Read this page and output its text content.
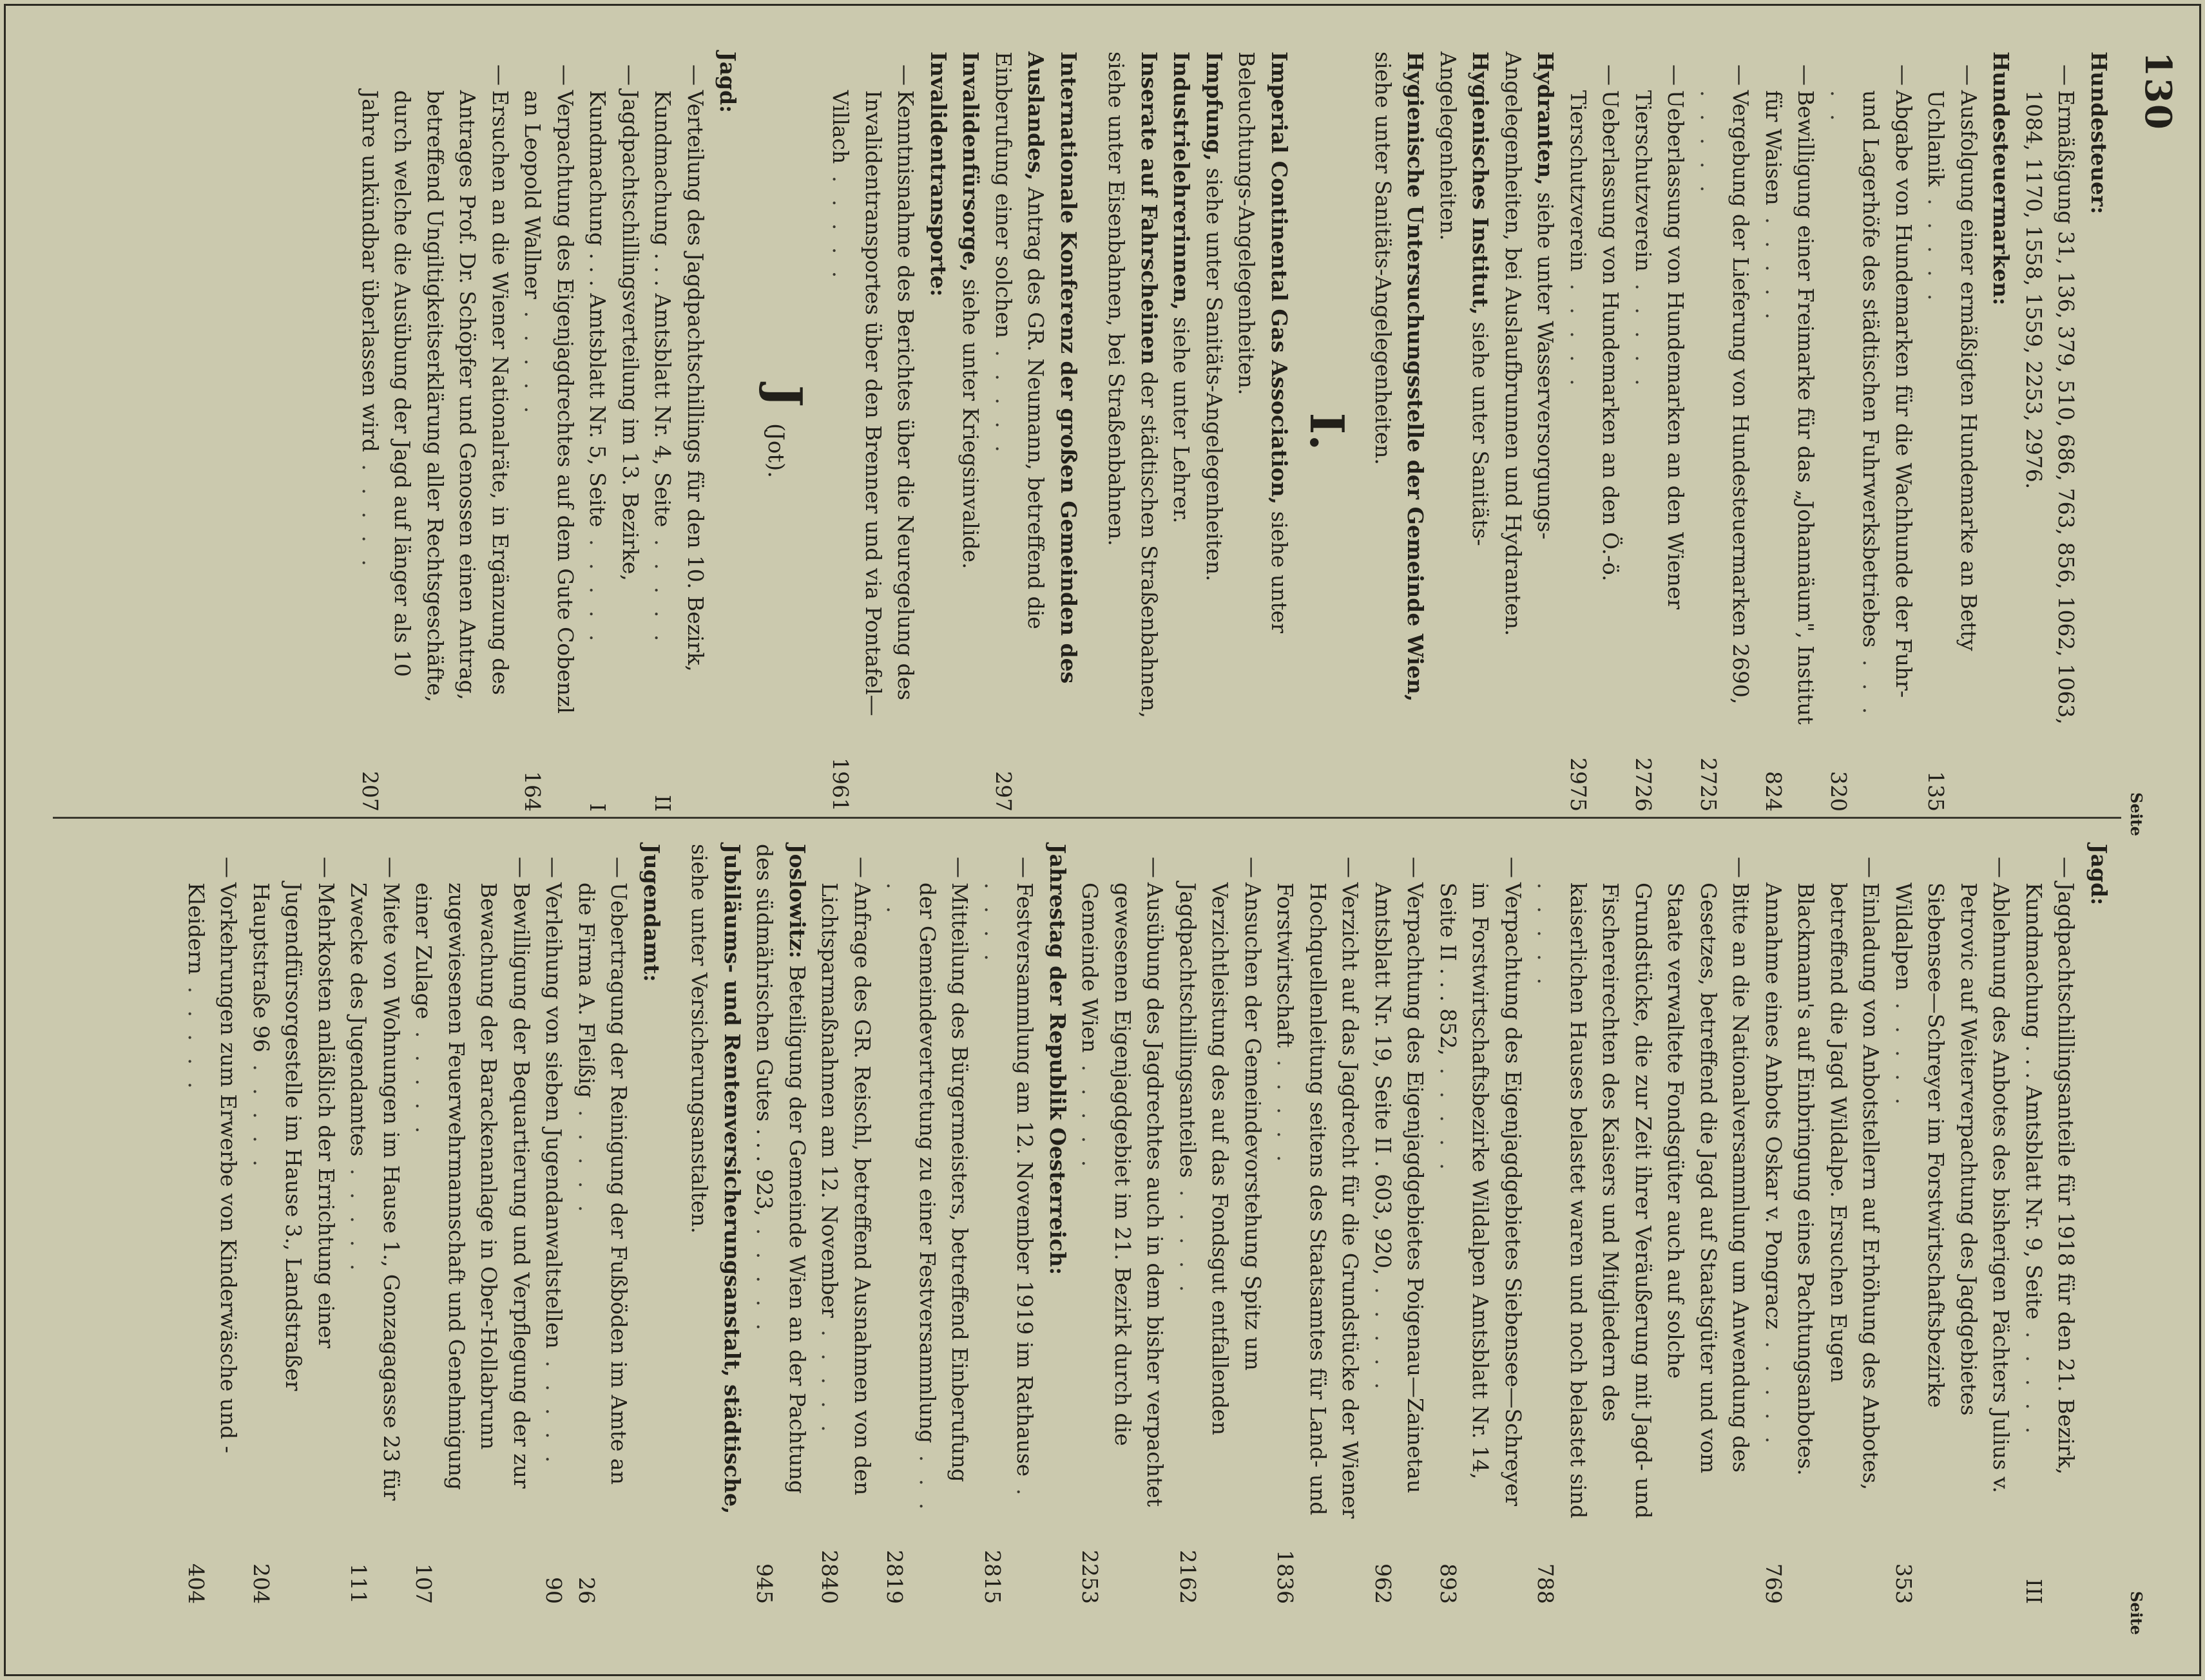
130
Seite
Seite

Hundesteuer:

—Ermäßigung 31, 136, 379, 510, 686, 763, 856, 1062, 1063, 1084, 1170, 1558, 1559, 2253, 2976.

Hundesteuermarken:

—Ausfolgung einer ermäßigten Hundemarke an Betty Uchlanik . . . . .
135

—Abgabe von Hundemarken für die Wachhunde der Fuhr- und Lagerhöfe des städtischen Fuhrwerksbetriebes . . . . .
320

—Bewilligung einer Freimarke für das „Johannäum", Institut für Waisen . . . . .
824

—Vergebung der Lieferung von Hundesteuermarken 2690, . . . . .
2725

—Ueberlassung von Hundemarken an den Wiener Tierschutzverein . . . . .
2726

—Ueberlassung von Hundemarken an den Ö.-ö. Tierschutzverein . . . . .
2975

Hydranten, siehe unter Wasserversorgungs-Angelegenheiten, bei Auslaufbrunnen und Hydranten.

Hygienisches Institut, siehe unter Sanitäts-Angelegenheiten.

Hygienische Untersuchungsstelle der Gemeinde Wien, siehe unter Sanitäts-Angelegenheiten.

I.

Imperial Continental Gas Association, siehe unter Beleuchtungs-Angelegenheiten.

Impfung, siehe unter Sanitäts-Angelegenheiten.

Industrielehrerinnen, siehe unter Lehrer.

Inserate auf Fahrscheinen der städtischen Straßenbahnen, siehe unter Eisenbahnen, bei Straßenbahnen.

Internationale Konferenz der großen Gemeinden des Auslandes, Antrag des GR. Neumann, betreffend die Einberufung einer solchen . . . . .
297

Invalidenfürsorge, siehe unter Kriegsinvalide.

Invalidentransporte:

—Kenntnisnahme des Berichtes über die Neuregelung des Invalidentransportes über den Brenner und via Pontafel—Villach . . . . .
1961

J (Jot).

Jagd:

—Verteilung des Jagdpachtschillings für den 10. Bezirk, Kundmachung . . . Amtsblatt Nr. 4, Seite . . . . .
II

—Jagdpachtschillingsverteilung im 13. Bezirke, Kundmachung . . . Amtsblatt Nr. 5, Seite . . . . .
I

—Verpachtung des Eigenjagdrechtes auf dem Gute Cobenzl an Leopold Wallner . . . . .
164

—Ersuchen an die Wiener Nationalräte, in Ergänzung des Antrages Prof. Dr. Schöpfer und Genossen einen Antrag, betreffend Ungiltigkeitserklärung aller Rechtsgeschäfte, durch welche die Ausübung der Jagd auf länger als 10 Jahre unkündbar überlassen wird . . . . .
207

Jagd:

—Jagdpachtschillingsanteile für 1918 für den 21. Bezirk, Kundmachung . . . Amtsblatt Nr. 9, Seite . . . . .
III

—Ablehnung des Anbotes des bisherigen Pächters Julius v. Petrovic auf Weiterverpachtung des Jagdgebietes Siebensee—Schreyer im Forstwirtschaftsbezirke Wildalpen . . . . .
353

—Einladung von Anbotstellern auf Erhöhung des Anbotes, betreffend die Jagd Wildalpe. Ersuchen Eugen Blackmann's auf Einbringung eines Pachtungsanbotes. Annahme eines Anbots Oskar v. Pongracz . . . . .
769

—Bitte an die Nationalversammlung um Anwendung des Gesetzes, betreffend die Jagd auf Staatsgüter und vom Staate verwaltete Fondsgüter auch auf solche Grundstücke, die zur Zeit ihrer Veräußerung mit Jagd- und Fischereirechten des Kaisers und Mitgliedern des kaiserlichen Hauses belastet waren und noch belastet sind . . . . .
788

—Verpachtung des Eigenjagdgebietes Siebensee—Schreyer im Forstwirtschaftsbezirke Wildalpen Amtsblatt Nr. 14, Seite II . . . 852, . . . . .
893

—Verpachtung des Eigenjagdgebietes Poigenau—Zainetau Amtsblatt Nr. 19, Seite II . 603, 920, . . . . .
962

—Verzicht auf das Jagdrecht für die Grundstücke der Wiener Hochquellenleitung seitens des Staatsamtes für Land- und Forstwirtschaft . . . . .
1836

—Ansuchen der Gemeindevorstehung Spitz um Verzichtleistung des auf das Fondsgut entfallenden Jagdpachtschillingsanteiles . . . . .
2162

—Ausübung des Jagdrechtes auch in dem bisher verpachtet gewesenen Eigenjagdgebiet im 21. Bezirk durch die Gemeinde Wien . . . . .
2253

Jahrestag der Republik Oesterreich:

—Festversammlung am 12. November 1919 im Rathause . . . . .
2815

—Mitteilung des Bürgermeisters, betreffend Einberufung der Gemeindevertretung zu einer Festversammlung . . . . .
2819

—Anfrage des GR. Reischl, betreffend Ausnahmen von den Lichtsparmaßnahmen am 12. November . . . . .
2840

Joslowitz: Beteiligung der Gemeinde Wien an der Pachtung des südmährischen Gutes . . . 923, . . . . .
945

Jubiläums- und Rentenversicherungsanstalt, städtische, siehe unter Versicherungsanstalten.

Jugendamt:

—Uebertragung der Reinigung der Fußböden im Amte an die Firma A. Fleißig . . . . .
26

—Verleihung von sieben Jugendanwaltstellen . . . . .
90

—Bewilligung der Bequartierung und Verpflegung der zur Bewachung der Barackenanlage in Ober-Hollabrunn zugewiesenen Feuerwehrmannschaft und Genehmigung einer Zulage . . . . .
107

—Miete von Wohnungen im Hause 1., Gonzagagasse 23 für Zwecke des Jugendamtes . . . . .
111

—Mehrkosten anläßlich der Errichtung einer Jugendfürsorgestelle im Hause 3., Landstraßer Hauptstraße 96 . . . . .
204

—Vorkehrungen zum Erwerbe von Kinderwäsche und -Kleidern . . . . .
404
